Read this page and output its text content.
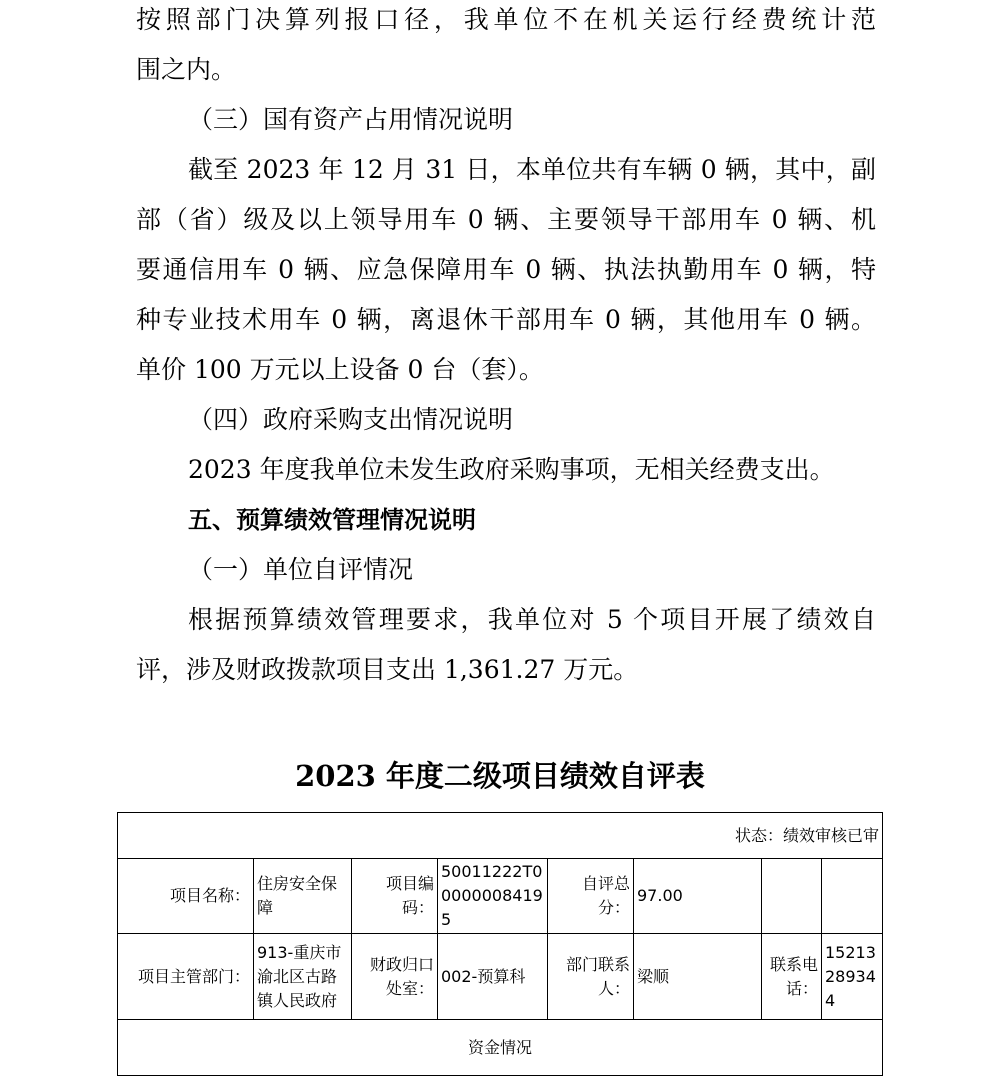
按照部门决算列报口径，我单位不在机关运行经费统计范
围之内。
（三）国有资产占用情况说明
截至 2023 年 12 月 31 日，本单位共有车辆 0 辆，其中，副
部（省）级及以上领导用车 0 辆、主要领导干部用车 0 辆、机
要通信用车 0 辆、应急保障用车 0 辆、执法执勤用车 0 辆，特
种专业技术用车 0 辆，离退休干部用车 0 辆，其他用车 0 辆。
单价 100 万元以上设备 0 台（套）。
（四）政府采购支出情况说明
2023 年度我单位未发生政府采购事项，无相关经费支出。
五、预算绩效管理情况说明
（一）单位自评情况
根据预算绩效管理要求，我单位对 5 个项目开展了绩效自
评，涉及财政拨款项目支出 1,361.27 万元。
2023 年度二级项目绩效自评表
状态：绩效审核已审							
项目名称：	住房安全保障	项目编码：	50011222T000000084195	自评总分：	97.00		
项目主管部门：	913-重庆市渝北区古路镇人民政府	财政归口处室：	002-预算科	部门联系人：	梁顺	联系电话：	15213289344
资金情况							
